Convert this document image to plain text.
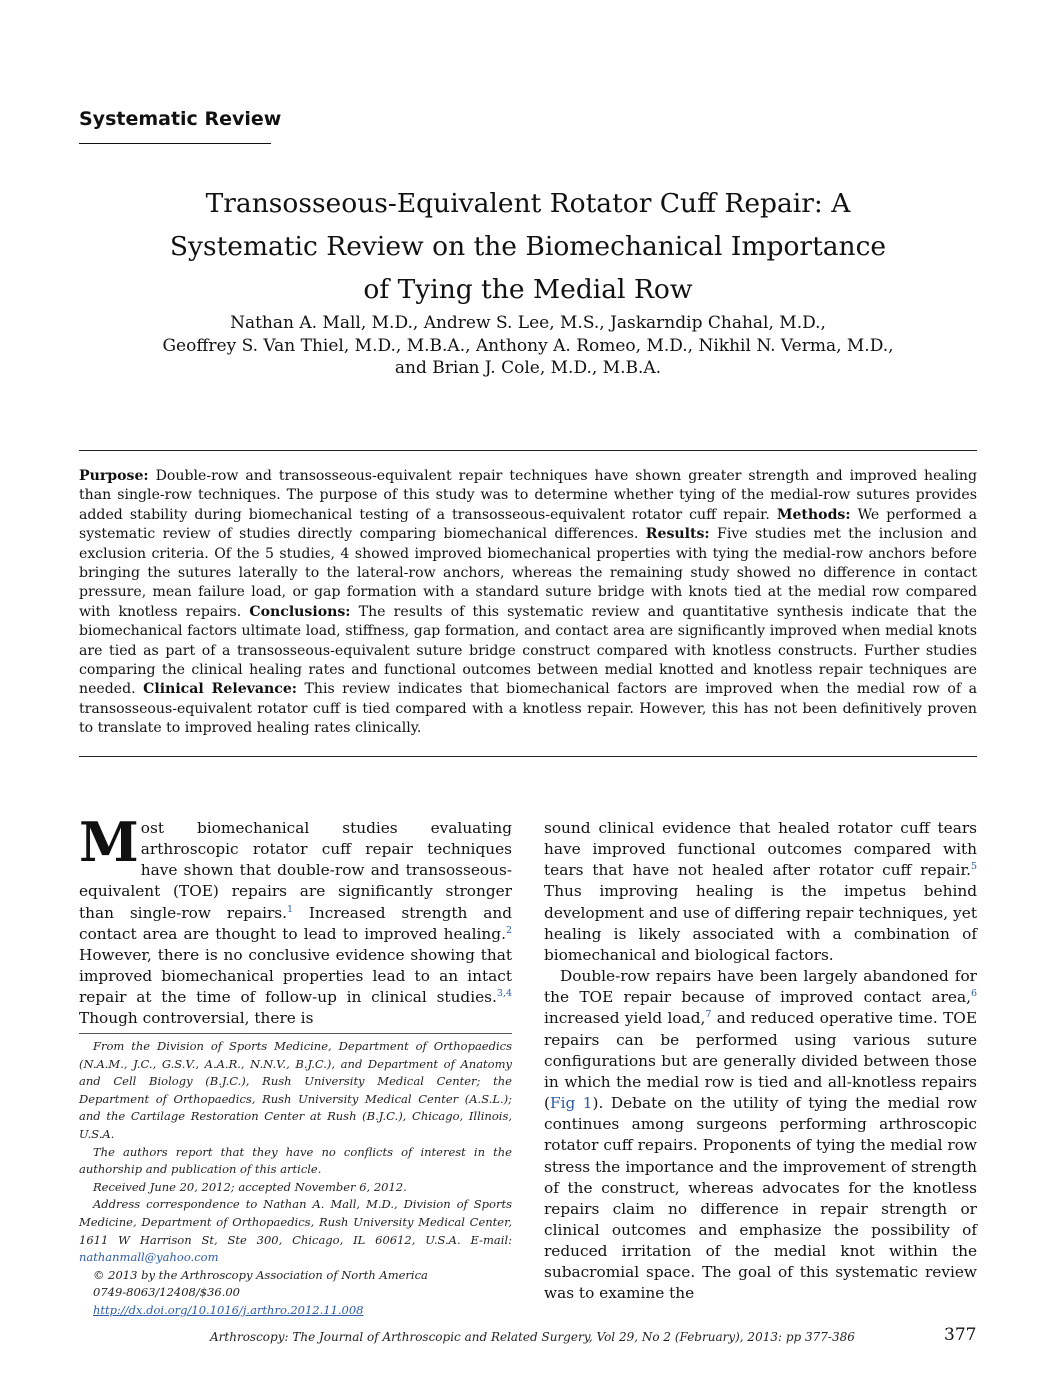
Systematic Review
Transosseous-Equivalent Rotator Cuff Repair: A
Systematic Review on the Biomechanical Importance
of Tying the Medial Row
Nathan A. Mall, M.D., Andrew S. Lee, M.S., Jaskarndip Chahal, M.D.,
Geoffrey S. Van Thiel, M.D., M.B.A., Anthony A. Romeo, M.D., Nikhil N. Verma, M.D.,
and Brian J. Cole, M.D., M.B.A.

Purpose: Double-row and transosseous-equivalent repair techniques have shown greater strength and improved healing than single-row techniques. The purpose of this study was to determine whether tying of the medial-row sutures provides added stability during biomechanical testing of a transosseous-equivalent rotator cuff repair. Methods: We performed a systematic review of studies directly comparing biomechanical differences. Results: Five studies met the inclusion and exclusion criteria. Of the 5 studies, 4 showed improved biomechanical properties with tying the medial-row anchors before bringing the sutures laterally to the lateral-row anchors, whereas the remaining study showed no difference in contact pressure, mean failure load, or gap formation with a standard suture bridge with knots tied at the medial row compared with knotless repairs. Conclusions: The results of this systematic review and quantitative synthesis indicate that the biomechanical factors ultimate load, stiffness, gap formation, and contact area are significantly improved when medial knots are tied as part of a transosseous-equivalent suture bridge construct compared with knotless constructs. Further studies comparing the clinical healing rates and functional outcomes between medial knotted and knotless repair techniques are needed. Clinical Relevance: This review indicates that biomechanical factors are improved when the medial row of a transosseous-equivalent rotator cuff is tied compared with a knotless repair. However, this has not been definitively proven to translate to improved healing rates clinically.

Most biomechanical studies evaluating arthroscopic rotator cuff repair techniques have shown that double-row and transosseous-equivalent (TOE) repairs are significantly stronger than single-row repairs.$^1$ Increased strength and contact area are thought to lead to improved healing.$^2$ However, there is no conclusive evidence showing that improved biomechanical properties lead to an intact repair at the time of follow-up in clinical studies.$^{3,4}$ Though controversial, there is

From the Division of Sports Medicine, Department of Orthopaedics (N.A.M., J.C., G.S.V., A.A.R., N.N.V., B.J.C.), and Department of Anatomy and Cell Biology (B.J.C.), Rush University Medical Center; the Department of Orthopaedics, Rush University Medical Center (A.S.L.); and the Cartilage Restoration Center at Rush (B.J.C.), Chicago, Illinois, U.S.A.

The authors report that they have no conflicts of interest in the authorship and publication of this article.

Received June 20, 2012; accepted November 6, 2012.

Address correspondence to Nathan A. Mall, M.D., Division of Sports Medicine, Department of Orthopaedics, Rush University Medical Center, 1611 W Harrison St, Ste 300, Chicago, IL 60612, U.S.A. E-mail: nathanmall@yahoo.com

© 2013 by the Arthroscopy Association of North America

0749-8063/12408/$36.00

http://dx.doi.org/10.1016/j.arthro.2012.11.008

sound clinical evidence that healed rotator cuff tears have improved functional outcomes compared with tears that have not healed after rotator cuff repair.$^5$ Thus improving healing is the impetus behind development and use of differing repair techniques, yet healing is likely associated with a combination of biomechanical and biological factors.

Double-row repairs have been largely abandoned for the TOE repair because of improved contact area,$^6$ increased yield load,$^7$ and reduced operative time. TOE repairs can be performed using various suture configurations but are generally divided between those in which the medial row is tied and all-knotless repairs (Fig 1). Debate on the utility of tying the medial row continues among surgeons performing arthroscopic rotator cuff repairs. Proponents of tying the medial row stress the importance and the improvement of strength of the construct, whereas advocates for the knotless repairs claim no difference in repair strength or clinical outcomes and emphasize the possibility of reduced irritation of the medial knot within the subacromial space. The goal of this systematic review was to examine the

Arthroscopy: The Journal of Arthroscopic and Related Surgery, Vol 29, No 2 (February), 2013: pp 377-386	377
